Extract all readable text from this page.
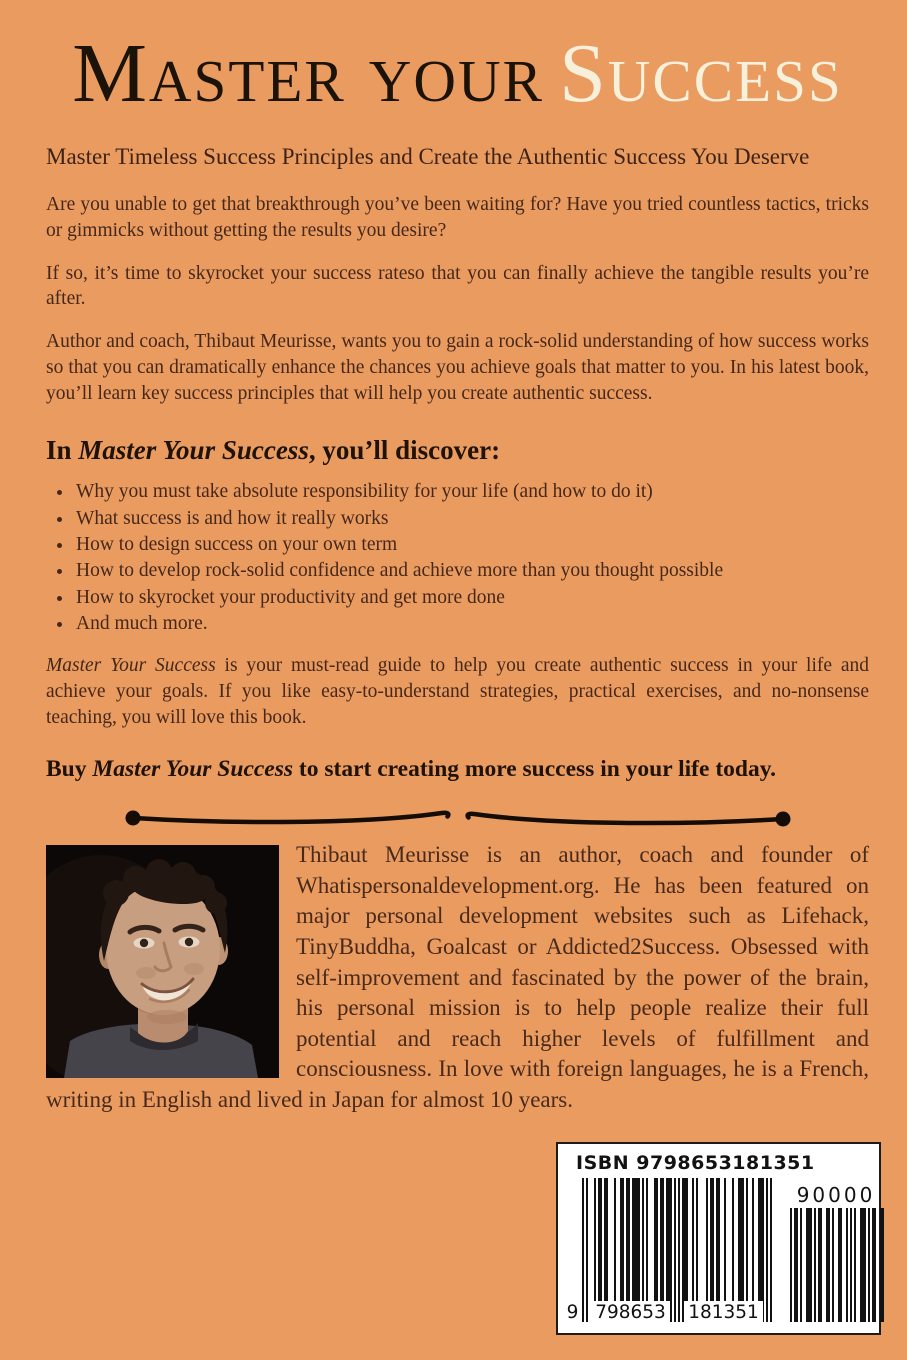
Master your Success

Master Timeless Success Principles and Create the Authentic Success You Deserve

Are you unable to get that breakthrough you’ve been waiting for? Have you tried countless tactics, tricks or gimmicks without getting the results you desire?

If so, it’s time to skyrocket your success rateso that you can finally achieve the tangible results you’re after.

Author and coach, Thibaut Meurisse, wants you to gain a rock-solid understanding of how success works so that you can dramatically enhance the chances you achieve goals that matter to you. In his latest book, you’ll learn key success principles that will help you create authentic success.

In Master Your Success, you’ll discover:
• Why you must take absolute responsibility for your life (and how to do it)
• What success is and how it really works
• How to design success on your own term
• How to develop rock-solid confidence and achieve more than you thought possible
• How to skyrocket your productivity and get more done
• And much more.

Master Your Success is your must-read guide to help you create authentic success in your life and achieve your goals. If you like easy-to-understand strategies, practical exercises, and no-nonsense teaching, you will love this book.

Buy Master Your Success to start creating more success in your life today.

Thibaut Meurisse is an author, coach and founder of Whatispersonaldevelopment.org. He has been featured on major personal development websites such as Lifehack, TinyBuddha, Goalcast or Addicted2Success. Obsessed with self-improvement and fascinated by the power of the brain, his personal mission is to help people realize their full potential and reach higher levels of fulfillment and consciousness. In love with foreign languages, he is a French, writing in English and lived in Japan for almost 10 years.

ISBN 9798653181351
9 798653 181351
90000
